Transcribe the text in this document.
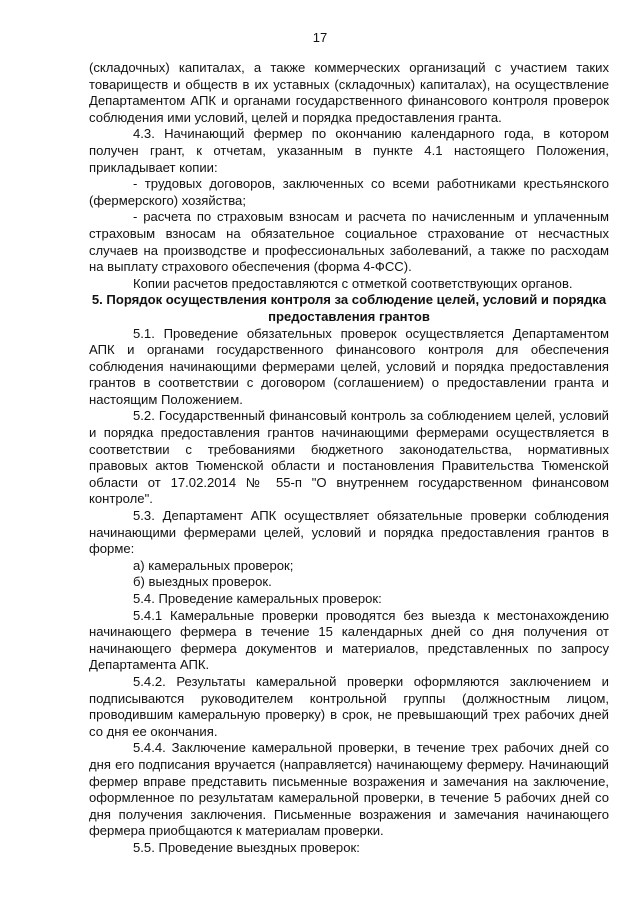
17

(складочных) капиталах, а также коммерческих организаций с участием таких товариществ и обществ в их уставных (складочных) капиталах), на осуществление Департаментом АПК и органами государственного финансового контроля проверок соблюдения ими условий, целей и порядка предоставления гранта.

4.3. Начинающий фермер по окончанию календарного года, в котором получен грант, к отчетам, указанным в пункте 4.1 настоящего Положения, прикладывает копии:

- трудовых договоров, заключенных со всеми работниками крестьянского (фермерского) хозяйства;

- расчета по страховым взносам и расчета по начисленным и уплаченным страховым взносам на обязательное социальное страхование от несчастных случаев на производстве и профессиональных заболеваний, а также по расходам на выплату страхового обеспечения (форма 4-ФСС).

Копии расчетов предоставляются с отметкой соответствующих органов.

5. Порядок осуществления контроля за соблюдение целей, условий и порядка предоставления грантов

5.1. Проведение обязательных проверок осуществляется Департаментом АПК и органами государственного финансового контроля для обеспечения соблюдения начинающими фермерами целей, условий и порядка предоставления грантов в соответствии с договором (соглашением) о предоставлении гранта и настоящим Положением.

5.2. Государственный финансовый контроль за соблюдением целей, условий и порядка предоставления грантов начинающими фермерами осуществляется в соответствии с требованиями бюджетного законодательства, нормативных правовых актов Тюменской области и постановления Правительства Тюменской области от 17.02.2014 № 55-п "О внутреннем государственном финансовом контроле".

5.3. Департамент АПК осуществляет обязательные проверки соблюдения начинающими фермерами целей, условий и порядка предоставления грантов в форме:

а) камеральных проверок;

б) выездных проверок.

5.4. Проведение камеральных проверок:

5.4.1 Камеральные проверки проводятся без выезда к местонахождению начинающего фермера в течение 15 календарных дней со дня получения от начинающего фермера документов и материалов, представленных по запросу Департамента АПК.

5.4.2. Результаты камеральной проверки оформляются заключением и подписываются руководителем контрольной группы (должностным лицом, проводившим камеральную проверку) в срок, не превышающий трех рабочих дней со дня ее окончания.

5.4.4. Заключение камеральной проверки, в течение трех рабочих дней со дня его подписания вручается (направляется) начинающему фермеру. Начинающий фермер вправе представить письменные возражения и замечания на заключение, оформленное по результатам камеральной проверки, в течение 5 рабочих дней со дня получения заключения. Письменные возражения и замечания начинающего фермера приобщаются к материалам проверки.

5.5. Проведение выездных проверок:
